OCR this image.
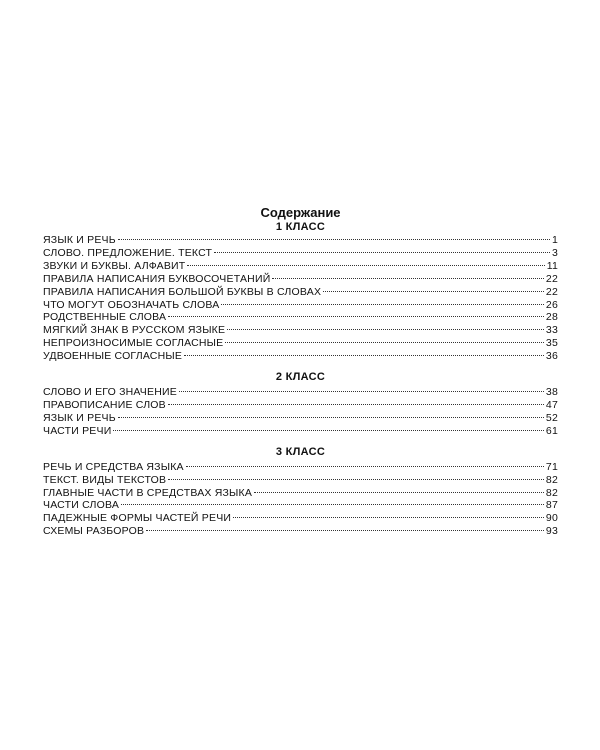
Содержание
1 КЛАСС
ЯЗЫК И РЕЧЬ	1
СЛОВО. ПРЕДЛОЖЕНИЕ. ТЕКСТ	3
ЗВУКИ И БУКВЫ. АЛФАВИТ	11
ПРАВИЛА НАПИСАНИЯ БУКВОСОЧЕТАНИЙ	22
ПРАВИЛА НАПИСАНИЯ БОЛЬШОЙ БУКВЫ В СЛОВАХ	22
ЧТО МОГУТ ОБОЗНАЧАТЬ СЛОВА	26
РОДСТВЕННЫЕ СЛОВА	28
МЯГКИЙ ЗНАК В РУССКОМ ЯЗЫКЕ	33
НЕПРОИЗНОСИМЫЕ СОГЛАСНЫЕ	35
УДВОЕННЫЕ СОГЛАСНЫЕ	36
2 КЛАСС
СЛОВО И ЕГО ЗНАЧЕНИЕ	38
ПРАВОПИСАНИЕ СЛОВ	47
ЯЗЫК И РЕЧЬ	52
ЧАСТИ РЕЧИ	61
3 КЛАСС
РЕЧЬ И СРЕДСТВА ЯЗЫКА	71
ТЕКСТ. ВИДЫ ТЕКСТОВ	82
ГЛАВНЫЕ ЧАСТИ В СРЕДСТВАХ ЯЗЫКА	82
ЧАСТИ СЛОВА	87
ПАДЕЖНЫЕ ФОРМЫ ЧАСТЕЙ РЕЧИ	90
СХЕМЫ РАЗБОРОВ	93
